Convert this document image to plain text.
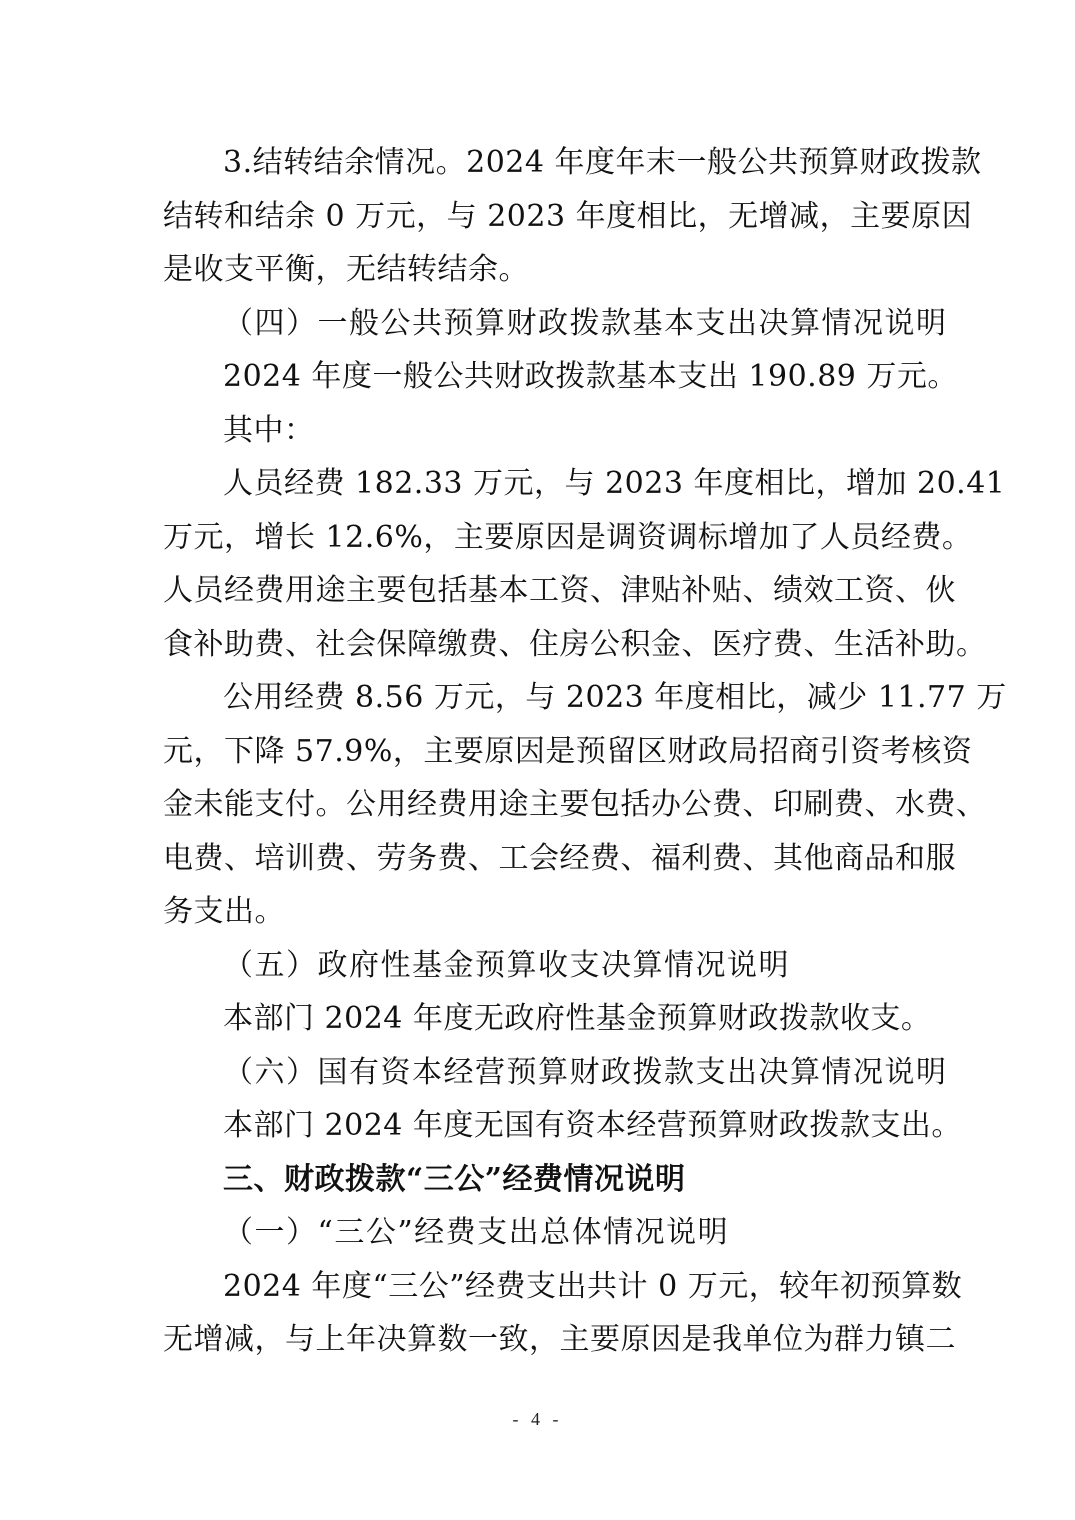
3.结转结余情况。2024 年度年末一般公共预算财政拨款
结转和结余 0 万元，与 2023 年度相比，无增减，主要原因
是收支平衡，无结转结余。
（四）一般公共预算财政拨款基本支出决算情况说明
2024 年度一般公共财政拨款基本支出 190.89 万元。
其中：
人员经费 182.33 万元，与 2023 年度相比，增加 20.41
万元，增长 12.6%，主要原因是调资调标增加了人员经费。
人员经费用途主要包括基本工资、津贴补贴、绩效工资、伙
食补助费、社会保障缴费、住房公积金、医疗费、生活补助。
公用经费 8.56 万元，与 2023 年度相比，减少 11.77 万
元，下降 57.9%，主要原因是预留区财政局招商引资考核资
金未能支付。公用经费用途主要包括办公费、印刷费、水费、
电费、培训费、劳务费、工会经费、福利费、其他商品和服
务支出。
（五）政府性基金预算收支决算情况说明
本部门 2024 年度无政府性基金预算财政拨款收支。
（六）国有资本经营预算财政拨款支出决算情况说明
本部门 2024 年度无国有资本经营预算财政拨款支出。
三、财政拨款“三公”经费情况说明
（一）“三公”经费支出总体情况说明
2024 年度“三公”经费支出共计 0 万元，较年初预算数
无增减，与上年决算数一致，主要原因是我单位为群力镇二
- 4 -
